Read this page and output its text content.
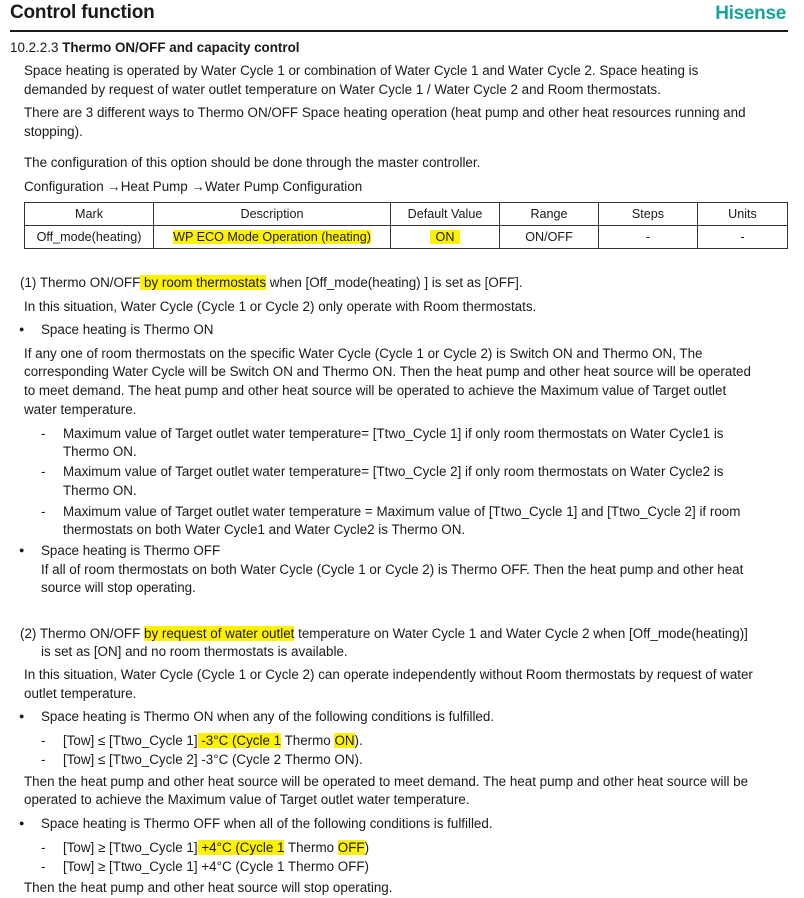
Control function	Hisense
10.2.2.3 Thermo ON/OFF and capacity control
Space heating is operated by Water Cycle 1 or combination of Water Cycle 1 and Water Cycle 2. Space heating is
demanded by request of water outlet temperature on Water Cycle 1 / Water Cycle 2 and Room thermostats.
There are 3 different ways to Thermo ON/OFF Space heating operation (heat pump and other heat resources running and
stopping).
The configuration of this option should be done through the master controller.
Configuration →Heat Pump →Water Pump Configuration
Mark	Description	Default Value	Range	Steps	Units
Off_mode(heating)	WP ECO Mode Operation (heating)	ON	ON/OFF	-	-
(1) Thermo ON/OFF by room thermostats when [Off_mode(heating) ] is set as [OFF].
In this situation, Water Cycle (Cycle 1 or Cycle 2) only operate with Room thermostats.
● Space heating is Thermo ON
If any one of room thermostats on the specific Water Cycle (Cycle 1 or Cycle 2) is Switch ON and Thermo ON, The
corresponding Water Cycle will be Switch ON and Thermo ON. Then the heat pump and other heat source will be operated
to meet demand. The heat pump and other heat source will be operated to achieve the Maximum value of Target outlet
water temperature.
- Maximum value of Target outlet water temperature= [Ttwo_Cycle 1] if only room thermostats on Water Cycle1 is
Thermo ON.
- Maximum value of Target outlet water temperature= [Ttwo_Cycle 2] if only room thermostats on Water Cycle2 is
Thermo ON.
- Maximum value of Target outlet water temperature = Maximum value of [Ttwo_Cycle 1] and [Ttwo_Cycle 2] if room
thermostats on both Water Cycle1 and Water Cycle2 is Thermo ON.
● Space heating is Thermo OFF
If all of room thermostats on both Water Cycle (Cycle 1 or Cycle 2) is Thermo OFF. Then the heat pump and other heat
source will stop operating.
(2) Thermo ON/OFF by request of water outlet temperature on Water Cycle 1 and Water Cycle 2 when [Off_mode(heating)]
is set as [ON] and no room thermostats is available.
In this situation, Water Cycle (Cycle 1 or Cycle 2) can operate independently without Room thermostats by request of water
outlet temperature.
● Space heating is Thermo ON when any of the following conditions is fulfilled.
- [Tow] ≤ [Ttwo_Cycle 1] -3°C (Cycle 1 Thermo ON).
- [Tow] ≤ [Ttwo_Cycle 2] -3°C (Cycle 2 Thermo ON).
Then the heat pump and other heat source will be operated to meet demand. The heat pump and other heat source will be
operated to achieve the Maximum value of Target outlet water temperature.
● Space heating is Thermo OFF when all of the following conditions is fulfilled.
- [Tow] ≥ [Ttwo_Cycle 1] +4°C (Cycle 1 Thermo OFF)
- [Tow] ≥ [Ttwo_Cycle 1] +4°C (Cycle 1 Thermo OFF)
Then the heat pump and other heat source will stop operating.
